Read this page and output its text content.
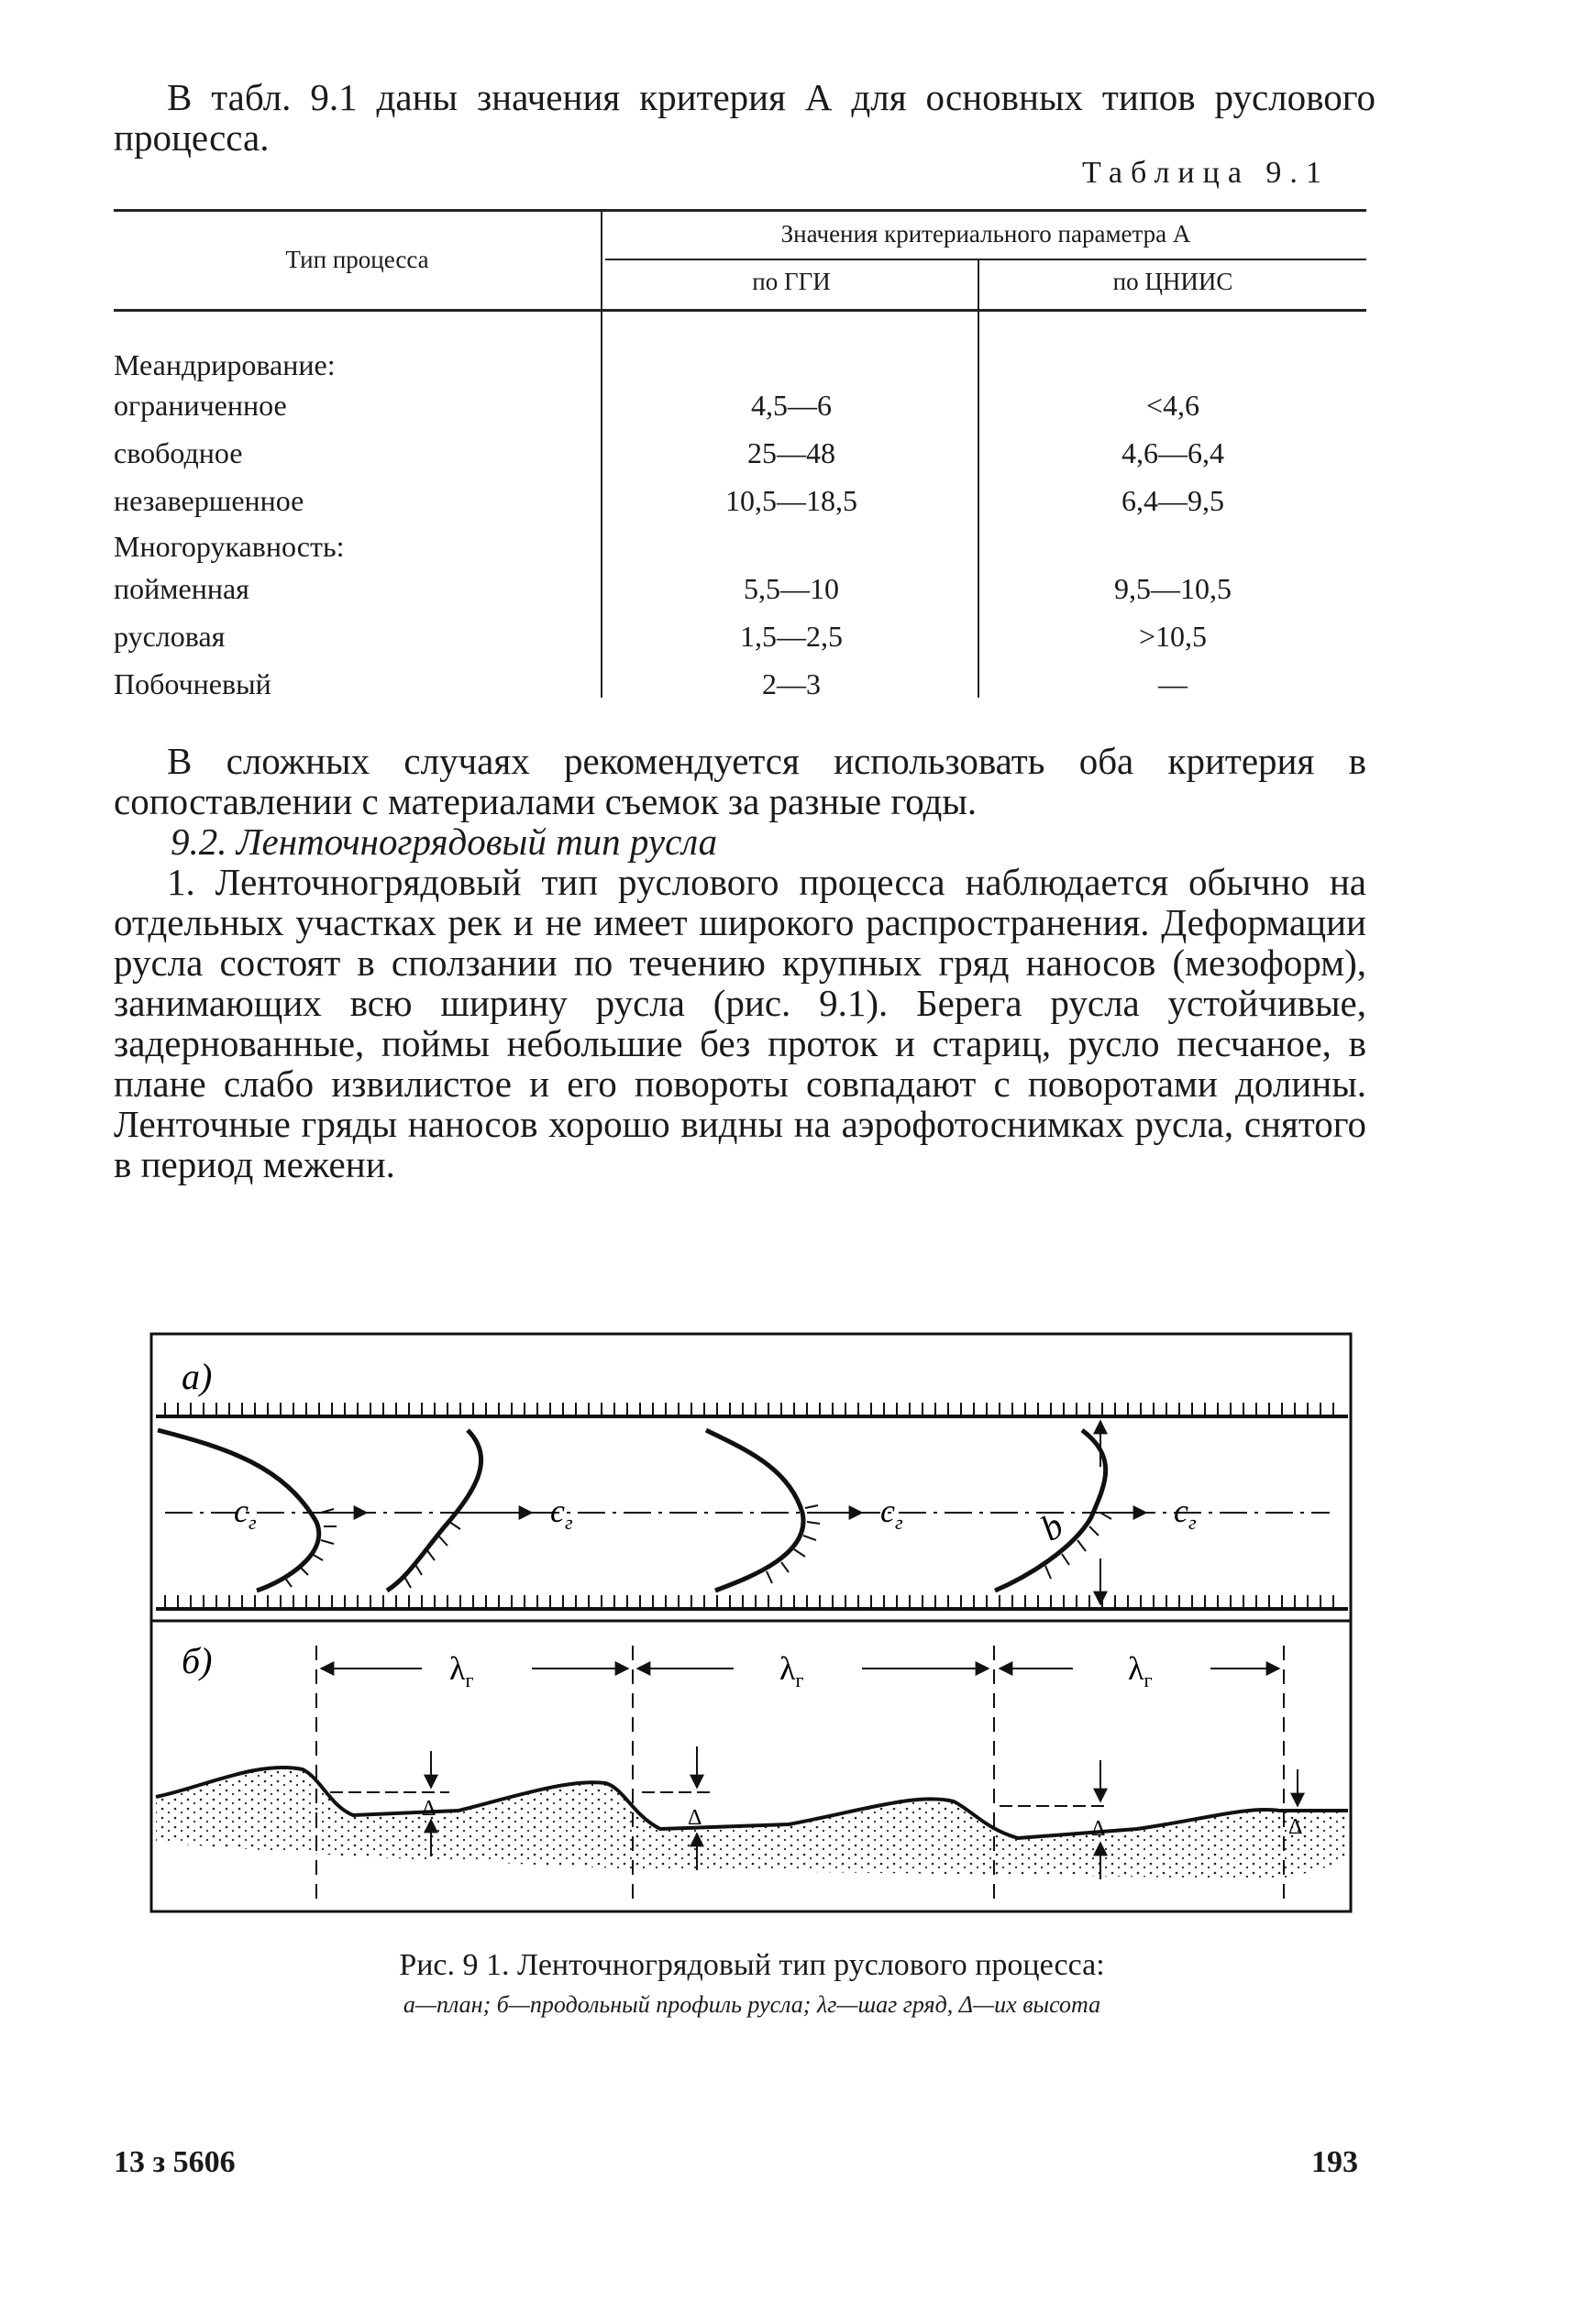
В табл. 9.1 даны значения критерия А для основных типов руслового процесса.
Таблица 9.1
Тип процесса
Значения критериального параметра А
по ГГИ	по ЦНИИС
Меандрирование:
ограниченное	4,5—6	<4,6
свободное	25—48	4,6—6,4
незавершенное	10,5—18,5	6,4—9,5
Многорукавность:
пойменная	5,5—10	9,5—10,5
русловая	1,5—2,5	>10,5
Побочневый	2—3	—
В сложных случаях рекомендуется использовать оба критерия в сопоставлении с материалами съемок за разные годы.
9.2. Ленточногрядовый тип русла
1. Ленточногрядовый тип руслового процесса наблюдается обычно на отдельных участках рек и не имеет широкого распространения. Деформации русла состоят в сползании по течению крупных гряд наносов (мезоформ), занимающих всю ширину русла (рис. 9.1). Берега русла устойчивые, задернованные, поймы небольшие без проток и стариц, русло песчаное, в плане слабо извилистое и его повороты совпадают с поворотами долины. Ленточные гряды наносов хорошо видны на аэрофотоснимках русла, снятого в период межени.
а)
$с_г$	$с_г$	$с_г$	$с_г$
b
б)	$\lambda_г$	$\lambda_г$	$\lambda_г$
Δ	Δ	Δ	Δ
Рис. 9 1. Ленточногрядовый тип руслового процесса:
а—план; б—продольный профиль русла; λг—шаг гряд, Δ—их высота
13 з 5606	193
